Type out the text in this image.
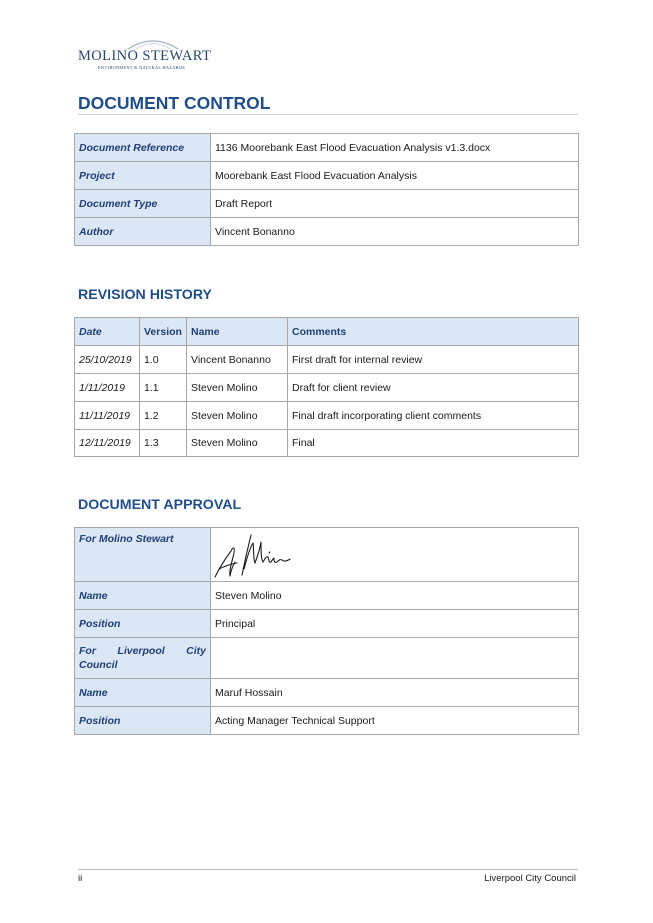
MOLINO STEWART
ENVIRONMENT & NATURAL HAZARDS
DOCUMENT CONTROL
Document Reference	1136 Moorebank East Flood Evacuation Analysis v1.3.docx
Project	Moorebank East Flood Evacuation Analysis
Document Type	Draft Report
Author	Vincent Bonanno
REVISION HISTORY
Date	Version	Name	Comments
25/10/2019	1.0	Vincent Bonanno	First draft for internal review
1/11/2019	1.1	Steven Molino	Draft for client review
11/11/2019	1.2	Steven Molino	Final draft incorporating client comments
12/11/2019	1.3	Steven Molino	Final
DOCUMENT APPROVAL
For Molino Stewart	

Name	Steven Molino
Position	Principal
For Liverpool City Council	
Name	Maruf Hossain
Position	Acting Manager Technical Support
ii	Liverpool City Council
